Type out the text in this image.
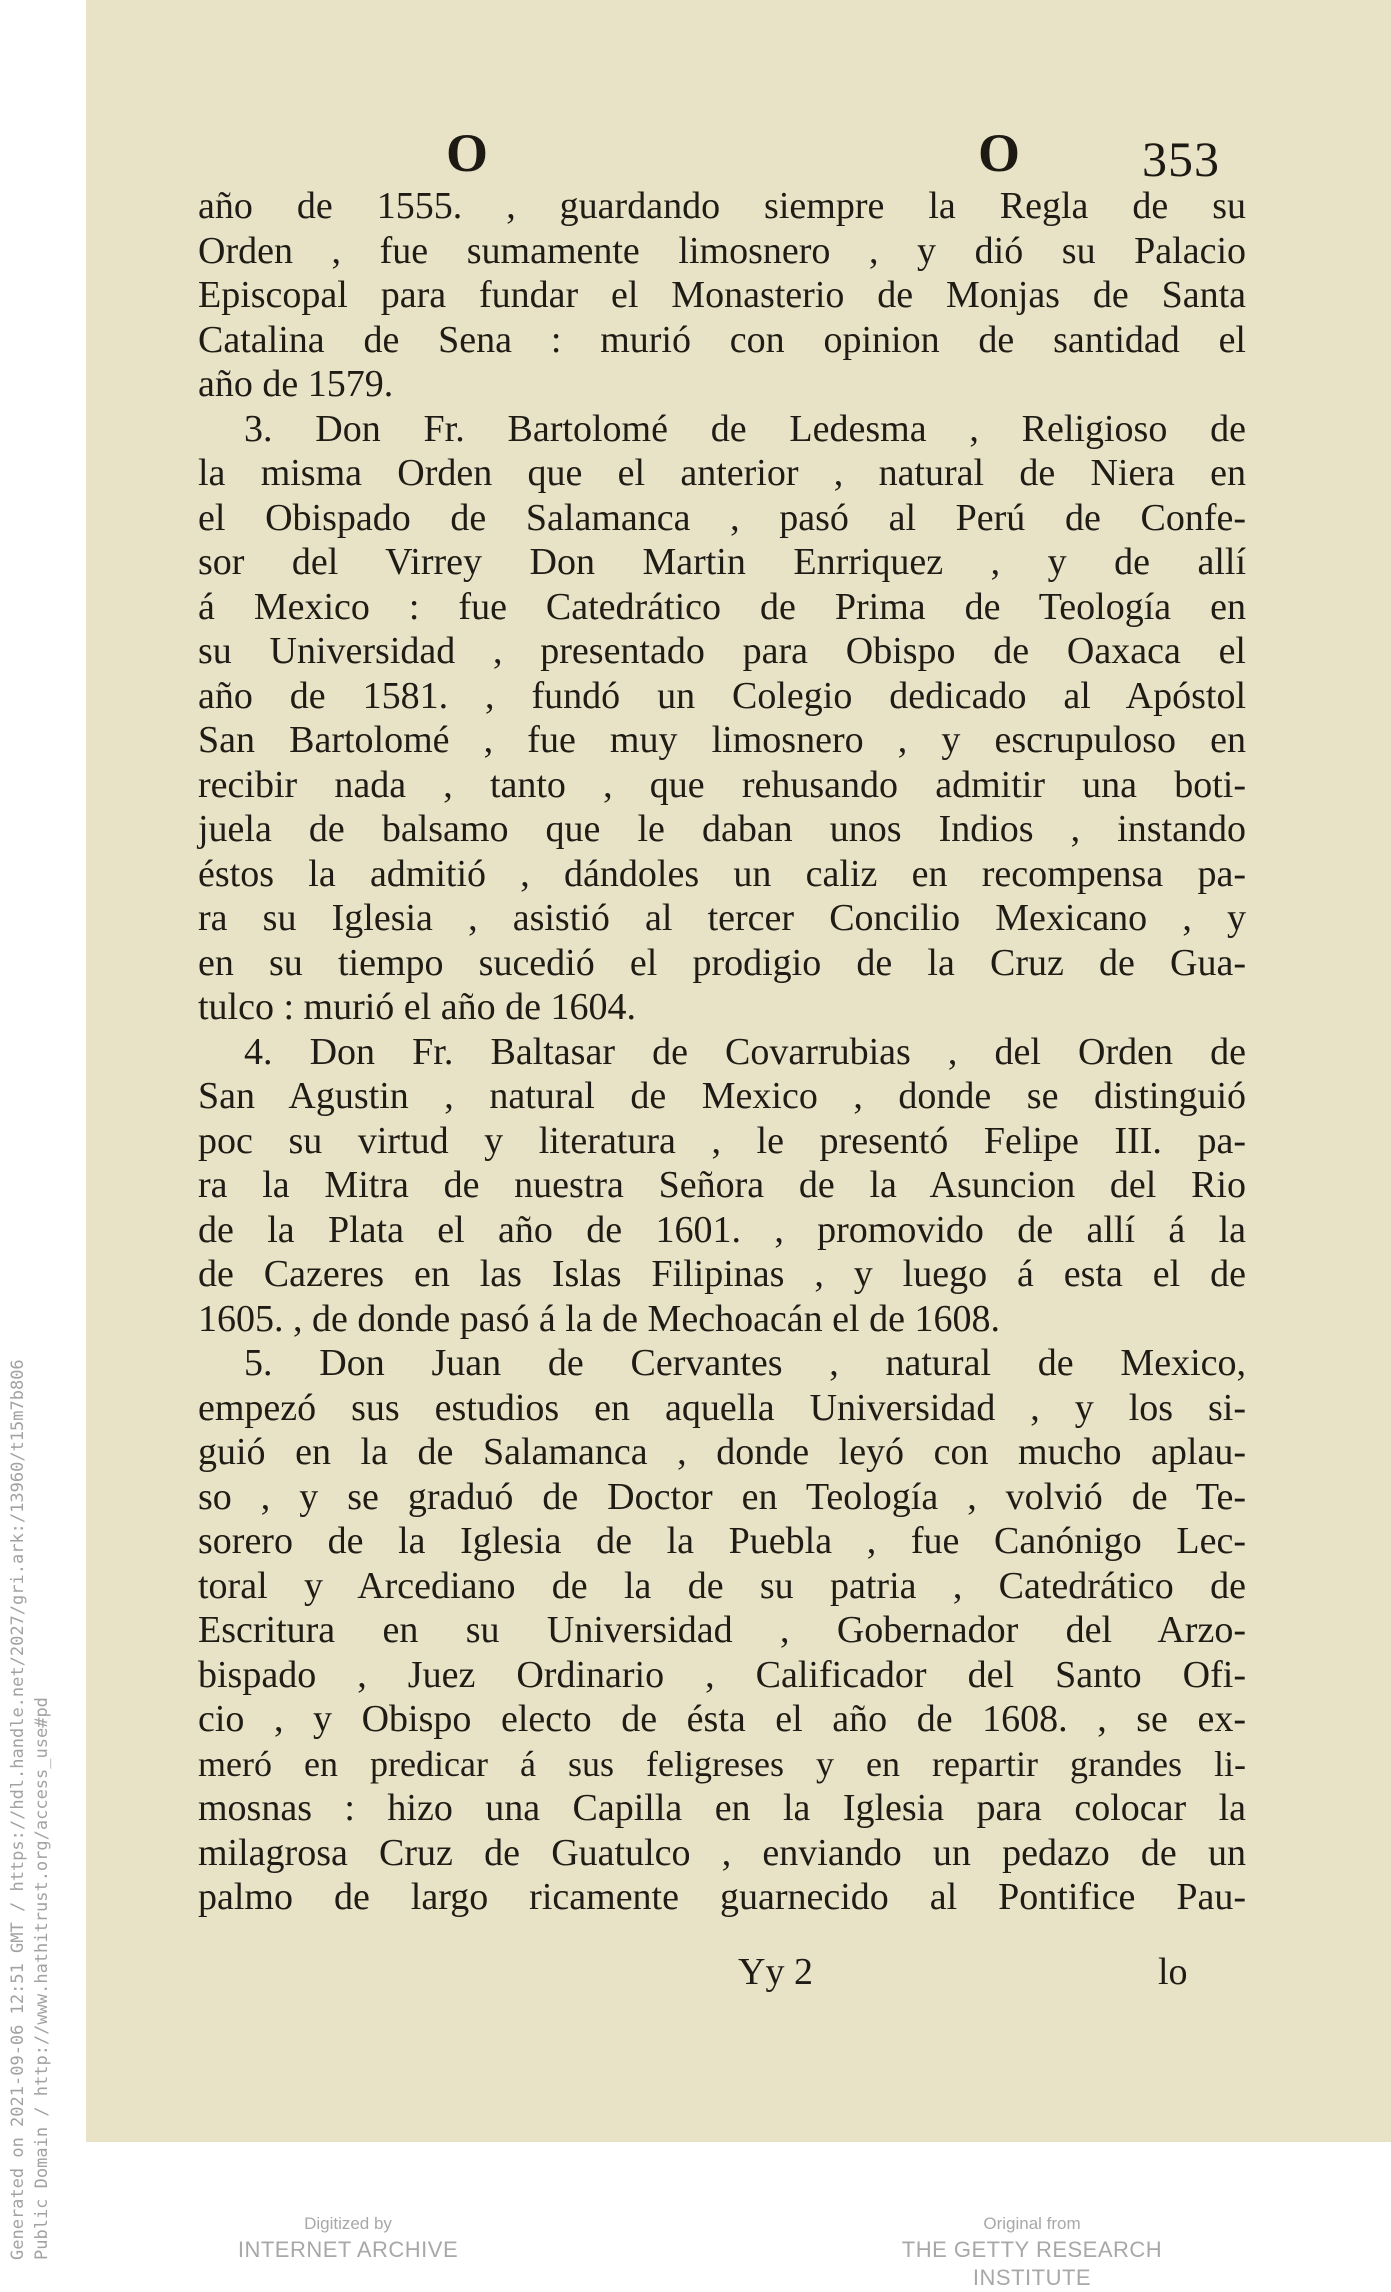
O	O 353
año de 1555. , guardando siempre la Regla de su
Orden , fue sumamente limosnero , y dió su Palacio
Episcopal para fundar el Monasterio de Monjas de Santa
Catalina de Sena : murió con opinion de santidad el
año de 1579.
3. Don Fr. Bartolomé de Ledesma , Religioso de
la misma Orden que el anterior , natural de Niera en
el Obispado de Salamanca , pasó al Perú de Confe-
sor del Virrey Don Martin Enrriquez , y de allí
á Mexico : fue Catedrático de Prima de Teología en
su Universidad , presentado para Obispo de Oaxaca el
año de 1581. , fundó un Colegio dedicado al Apóstol
San Bartolomé , fue muy limosnero , y escrupuloso en
recibir nada , tanto , que rehusando admitir una boti-
juela de balsamo que le daban unos Indios , instando
éstos la admitió , dándoles un caliz en recompensa pa-
ra su Iglesia , asistió al tercer Concilio Mexicano , y
en su tiempo sucedió el prodigio de la Cruz de Gua-
tulco : murió el año de 1604.
4. Don Fr. Baltasar de Covarrubias , del Orden de
San Agustin , natural de Mexico , donde se distinguió
poc su virtud y literatura , le presentó Felipe III. pa-
ra la Mitra de nuestra Señora de la Asuncion del Rio
de la Plata el año de 1601. , promovido de allí á la
de Cazeres en las Islas Filipinas , y luego á esta el de
1605. , de donde pasó á la de Mechoacán el de 1608.
5. Don Juan de Cervantes , natural de Mexico,
empezó sus estudios en aquella Universidad , y los si-
guió en la de Salamanca , donde leyó con mucho aplau-
so , y se graduó de Doctor en Teología , volvió de Te-
sorero de la Iglesia de la Puebla , fue Canónigo Lec-
toral y Arcediano de la de su patria , Catedrático de
Escritura en su Universidad , Gobernador del Arzo-
bispado , Juez Ordinario , Calificador del Santo Ofi-
cio , y Obispo electo de ésta el año de 1608. , se ex-
meró en predicar á sus feligreses y en repartir grandes li-
mosnas : hizo una Capilla en la Iglesia para colocar la
milagrosa Cruz de Guatulco , enviando un pedazo de un
palmo de largo ricamente guarnecido al Pontifice Pau-
Yy 2	lo
Generated on 2021-09-06 12:51 GMT / https://hdl.handle.net/2027/gri.ark:/13960/t15m7b806 Public Domain / http://www.hathitrust.org/access_use#pd	Digitized by
INTERNET ARCHIVE
Original from
THE GETTY RESEARCH INSTITUTE
